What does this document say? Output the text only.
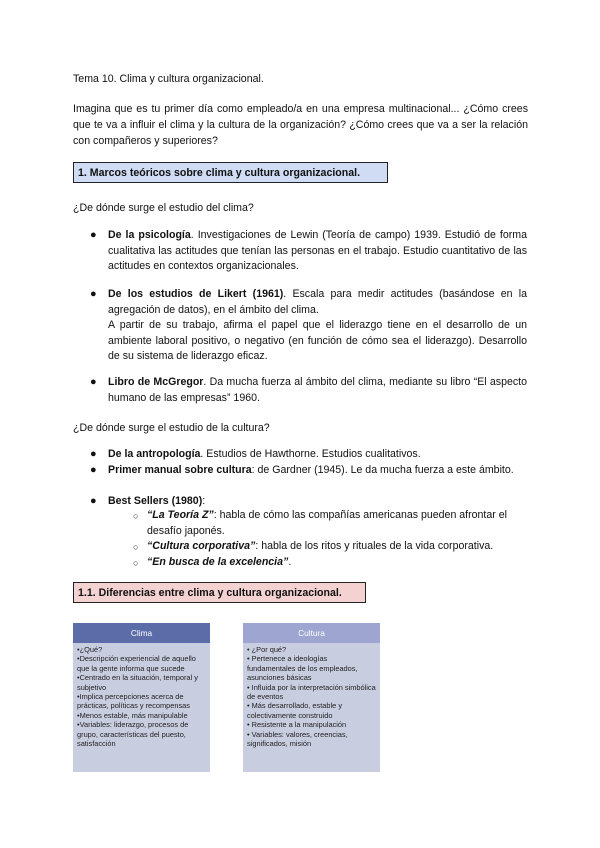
Tema 10. Clima y cultura organizacional.

Imagina que es tu primer día como empleado/a en una empresa multinacional... ¿Cómo crees que te va a influir el clima y la cultura de la organización? ¿Cómo crees que va a ser la relación con compañeros y superiores?

1. Marcos teóricos sobre clima y cultura organizacional.

¿De dónde surge el estudio del clima?

● De la psicología. Investigaciones de Lewin (Teoría de campo) 1939. Estudió de forma cualitativa las actitudes que tenían las personas en el trabajo. Estudio cuantitativo de las actitudes en contextos organizacionales.
● De los estudios de Likert (1961). Escala para medir actitudes (basándose en la agregación de datos), en el ámbito del clima.
A partir de su trabajo, afirma el papel que el liderazgo tiene en el desarrollo de un ambiente laboral positivo, o negativo (en función de cómo sea el liderazgo). Desarrollo de su sistema de liderazgo eficaz.
● Libro de McGregor. Da mucha fuerza al ámbito del clima, mediante su libro “El aspecto humano de las empresas” 1960.

¿De dónde surge el estudio de la cultura?

● De la antropología. Estudios de Hawthorne. Estudios cualitativos.
● Primer manual sobre cultura: de Gardner (1945). Le da mucha fuerza a este ámbito.
● Best Sellers (1980):
○ “La Teoría Z”: habla de cómo las compañías americanas pueden afrontar el desafío japonés.
○ “Cultura corporativa”: habla de los ritos y rituales de la vida corporativa.
○ “En busca de la excelencia”.
1.1. Diferencias entre clima y cultura organizacional.
Clima
•¿Qué?
•Descripción experiencial de aquello que la gente informa que sucede
•Centrado en la situación, temporal y subjetivo
•Implica percepciones acerca de prácticas, políticas y recompensas
•Menos estable, más manipulable
•Variables: liderazgo, procesos de grupo, características del puesto, satisfacción
Cultura
• ¿Por qué?
• Pertenece a ideologías fundamentales de los empleados, asunciones básicas
• Influida por la interpretación simbólica de eventos
• Más desarrollado, estable y colectivamente construido
• Resistente a la manipulación
• Variables: valores, creencias, significados, misión
